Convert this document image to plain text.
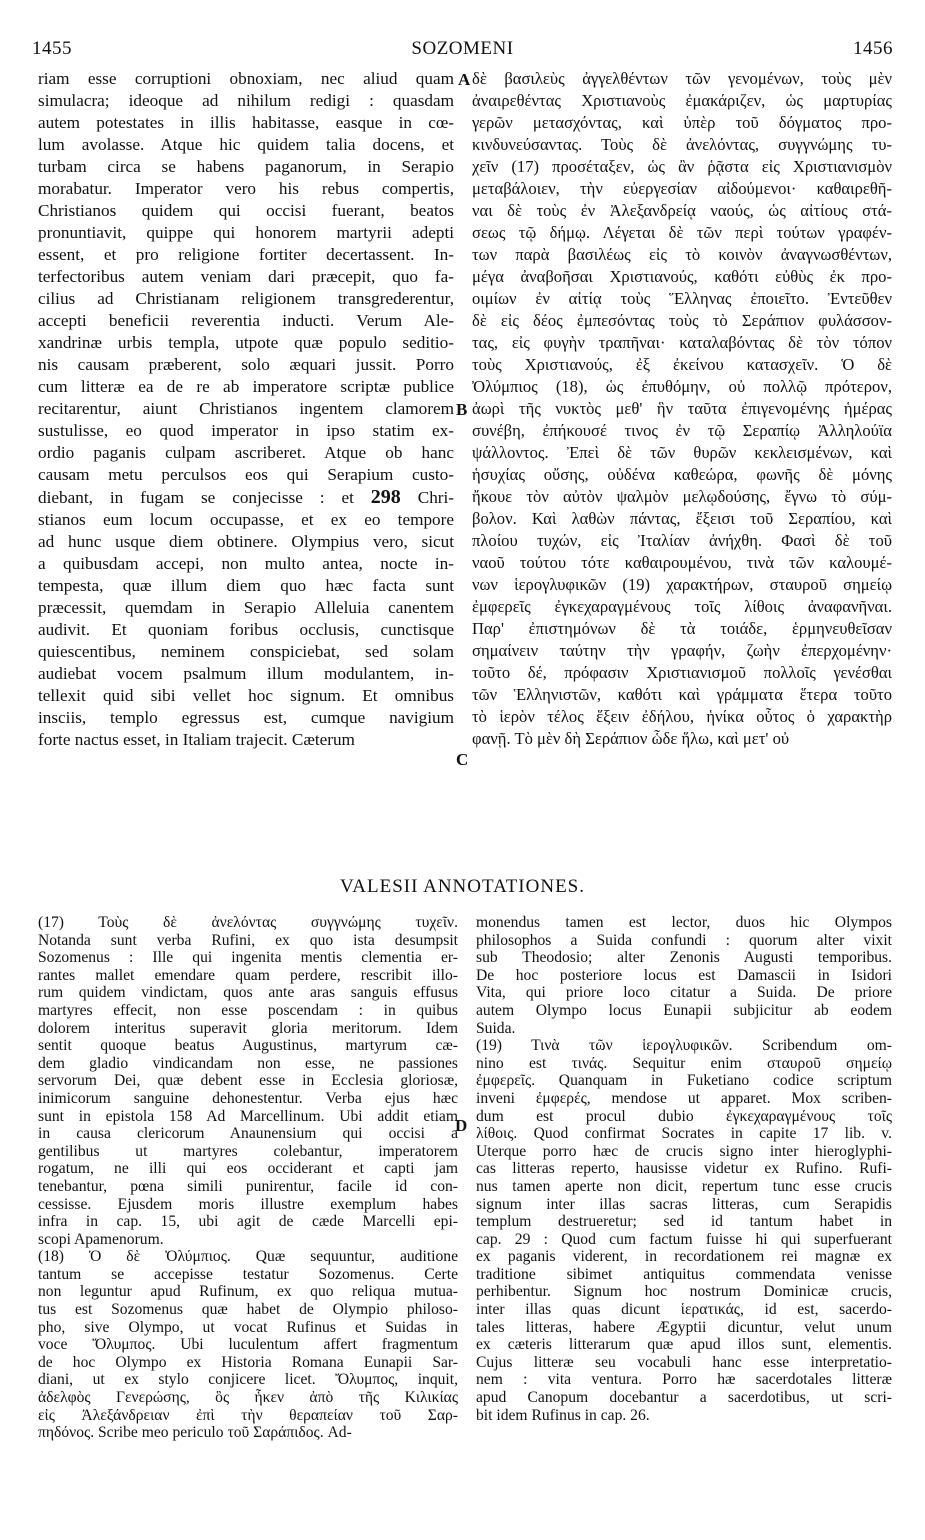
1455	SOZOMENI	1456

riam esse corruptioni obnoxiam, nec aliud quam

simulacra; ideoque ad nihilum redigi : quasdam

autem potestates in illis habitasse, easque in cœ-

lum avolasse. Atque hic quidem talia docens, et

turbam circa se habens paganorum, in Serapio

morabatur. Imperator vero his rebus compertis,

Christianos quidem qui occisi fuerant, beatos

pronuntiavit, quippe qui honorem martyrii adepti

essent, et pro religione fortiter decertassent. In-

terfectoribus autem veniam dari præcepit, quo fa-

cilius ad Christianam religionem transgrederentur,

accepti beneficii reverentia inducti. Verum Ale-

xandrinæ urbis templa, utpote quæ populo seditio-

nis causam præberent, solo æquari jussit. Porro

cum litteræ ea de re ab imperatore scriptæ publice

recitarentur, aiunt Christianos ingentem clamorem

sustulisse, eo quod imperator in ipso statim ex-

ordio paganis culpam ascriberet. Atque ob hanc

causam metu perculsos eos qui Serapium custo-

diebant, in fugam se conjecisse : et 298 Chri-

stianos eum locum occupasse, et ex eo tempore

ad hunc usque diem obtinere. Olympius vero, sicut

a quibusdam accepi, non multo antea, nocte in-

tempesta, quæ illum diem quo hæc facta sunt

præcessit, quemdam in Serapio Alleluia canentem

audivit. Et quoniam foribus occlusis, cunctisque

quiescentibus, neminem conspiciebat, sed solam

audiebat vocem psalmum illum modulantem, in-

tellexit quid sibi vellet hoc signum. Et omnibus

insciis, templo egressus est, cumque navigium

forte nactus esset, in Italiam trajecit. Cæterum

δὲ βασιλεὺς ἀγγελθέντων τῶν γενομένων, τοὺς μὲν

ἀναιρεθέντας Χριστιανοὺς ἐμακάριζεν, ὡς μαρτυρίας

γερῶν μετασχόντας, καὶ ὑπὲρ τοῦ δόγματος προ-

κινδυνεύσαντας. Τοὺς δὲ ἀνελόντας, συγγνώμης τυ-

χεῖν (17) προσέταξεν, ὡς ἂν ῥᾷστα εἰς Χριστιανισμὸν

μεταβάλοιεν, τὴν εὐεργεσίαν αἰδούμενοι· καθαιρεθῆ-

ναι δὲ τοὺς ἐν Ἀλεξανδρείᾳ ναούς, ὡς αἰτίους στά-

σεως τῷ δήμῳ. Λέγεται δὲ τῶν περὶ τούτων γραφέν-

των παρὰ βασιλέως εἰς τὸ κοινὸν ἀναγνωσθέντων,

μέγα ἀναβοῆσαι Χριστιανούς, καθότι εὐθὺς ἐκ προ-

οιμίων ἐν αἰτίᾳ τοὺς Ἕλληνας ἐποιεῖτο. Ἐντεῦθεν

δὲ εἰς δέος ἐμπεσόντας τοὺς τὸ Σεράπιον φυλάσσον-

τας, εἰς φυγὴν τραπῆναι· καταλαβόντας δὲ τὸν τόπον

τοὺς Χριστιανούς, ἐξ ἐκείνου κατασχεῖν. Ὁ δὲ

Ὀλύμπιος (18), ὡς ἐπυθόμην, οὐ πολλῷ πρότερον,

ἀωρὶ τῆς νυκτὸς μεθ' ἣν ταῦτα ἐπιγενομένης ἡμέρας

συνέβη, ἐπήκουσέ τινος ἐν τῷ Σεραπίῳ Ἀλληλούϊα

ψάλλοντος. Ἐπεὶ δὲ τῶν θυρῶν κεκλεισμένων, καὶ

ἡσυχίας οὔσης, οὐδένα καθεώρα, φωνῆς δὲ μόνης

ἤκουε τὸν αὐτὸν ψαλμὸν μελῳδούσης, ἔγνω τὸ σύμ-

βολον. Καὶ λαθὼν πάντας, ἔξεισι τοῦ Σεραπίου, καὶ

πλοίου τυχών, εἰς Ἰταλίαν ἀνήχθη. Φασὶ δὲ τοῦ

ναοῦ τούτου τότε καθαιρουμένου, τινὰ τῶν καλουμέ-

νων ἱερογλυφικῶν (19) χαρακτήρων, σταυροῦ σημείῳ

ἐμφερεῖς ἐγκεχαραγμένους τοῖς λίθοις ἀναφανῆναι.

Παρ' ἐπιστημόνων δὲ τὰ τοιάδε, ἑρμηνευθεῖσαν

σημαίνειν ταύτην τὴν γραφήν, ζωὴν ἐπερχομένην·

τοῦτο δέ, πρόφασιν Χριστιανισμοῦ πολλοῖς γενέσθαι

τῶν Ἑλληνιστῶν, καθότι καὶ γράμματα ἕτερα τοῦτο

τὸ ἱερὸν τέλος ἕξειν ἐδήλου, ἡνίκα οὗτος ὁ χαρακτὴρ

φανῇ. Τὸ μὲν δὴ Σεράπιον ὧδε ἥλω, καὶ μετ' οὐ

A
B
C
VALESII ANNOTATIONES.

(17) Τοὺς δὲ ἀνελόντας συγγνώμης τυχεῖν.

Notanda sunt verba Rufini, ex quo ista desumpsit

Sozomenus : Ille qui ingenita mentis clementia er-

rantes mallet emendare quam perdere, rescribit illo-

rum quidem vindictam, quos ante aras sanguis effusus

martyres effecit, non esse poscendam : in quibus

dolorem interitus superavit gloria meritorum. Idem

sentit quoque beatus Augustinus, martyrum cæ-

dem gladio vindicandam non esse, ne passiones

servorum Dei, quæ debent esse in Ecclesia gloriosæ,

inimicorum sanguine dehonestentur. Verba ejus hæc

sunt in epistola 158 Ad Marcellinum. Ubi addit etiam

in causa clericorum Anaunensium qui occisi a

gentilibus ut martyres colebantur, imperatorem

rogatum, ne illi qui eos occiderant et capti jam

tenebantur, pœna simili punirentur, facile id con-

cessisse. Ejusdem moris illustre exemplum habes

infra in cap. 15, ubi agit de cæde Marcelli epi-

scopi Apamenorum.

(18) Ὁ δὲ Ὀλύμπιος. Quæ sequuntur, auditione

tantum se accepisse testatur Sozomenus. Certe

non leguntur apud Rufinum, ex quo reliqua mutua-

tus est Sozomenus quæ habet de Olympio philoso-

pho, sive Olympo, ut vocat Rufinus et Suidas in

voce Ὄλυμπος. Ubi luculentum affert fragmentum

de hoc Olympo ex Historia Romana Eunapii Sar-

diani, ut ex stylo conjicere licet. Ὄλυμπος, inquit,

ἀδελφὸς Γενερώσης, ὃς ἧκεν ἀπὸ τῆς Κιλικίας

εἰς Ἀλεξάνδρειαν ἐπὶ τὴν θεραπείαν τοῦ Σαρ-

πηδόνος. Scribe meo periculo τοῦ Σαράπιδος. Ad-

monendus tamen est lector, duos hic Olympos

philosophos a Suida confundi : quorum alter vixit

sub Theodosio; alter Zenonis Augusti temporibus.

De hoc posteriore locus est Damascii in Isidori

Vita, qui priore loco citatur a Suida. De priore

autem Olympo locus Eunapii subjicitur ab eodem

Suida.

(19) Τινὰ τῶν ἱερογλυφικῶν. Scribendum om-

nino est τινάς. Sequitur enim σταυροῦ σημείῳ

ἐμφερεῖς. Quanquam in Fuketiano codice scriptum

inveni ἐμφερές, mendose ut apparet. Mox scriben-

dum est procul dubio ἐγκεχαραγμένους τοῖς

λίθοις. Quod confirmat Socrates in capite 17 lib. v.

Uterque porro hæc de crucis signo inter hieroglyphi-

cas litteras reperto, hausisse videtur ex Rufino. Rufi-

nus tamen aperte non dicit, repertum tunc esse crucis

signum inter illas sacras litteras, cum Serapidis

templum destrueretur; sed id tantum habet in

cap. 29 : Quod cum factum fuisse hi qui superfuerant

ex paganis viderent, in recordationem rei magnæ ex

traditione sibimet antiquitus commendata venisse

perhibentur. Signum hoc nostrum Dominicæ crucis,

inter illas quas dicunt ἱερατικάς, id est, sacerdo-

tales litteras, habere Ægyptii dicuntur, velut unum

ex cæteris litterarum quæ apud illos sunt, elementis.

Cujus litteræ seu vocabuli hanc esse interpretatio-

nem : vita ventura. Porro hæ sacerdotales litteræ

apud Canopum docebantur a sacerdotibus, ut scri-

bit idem Rufinus in cap. 26.

D
